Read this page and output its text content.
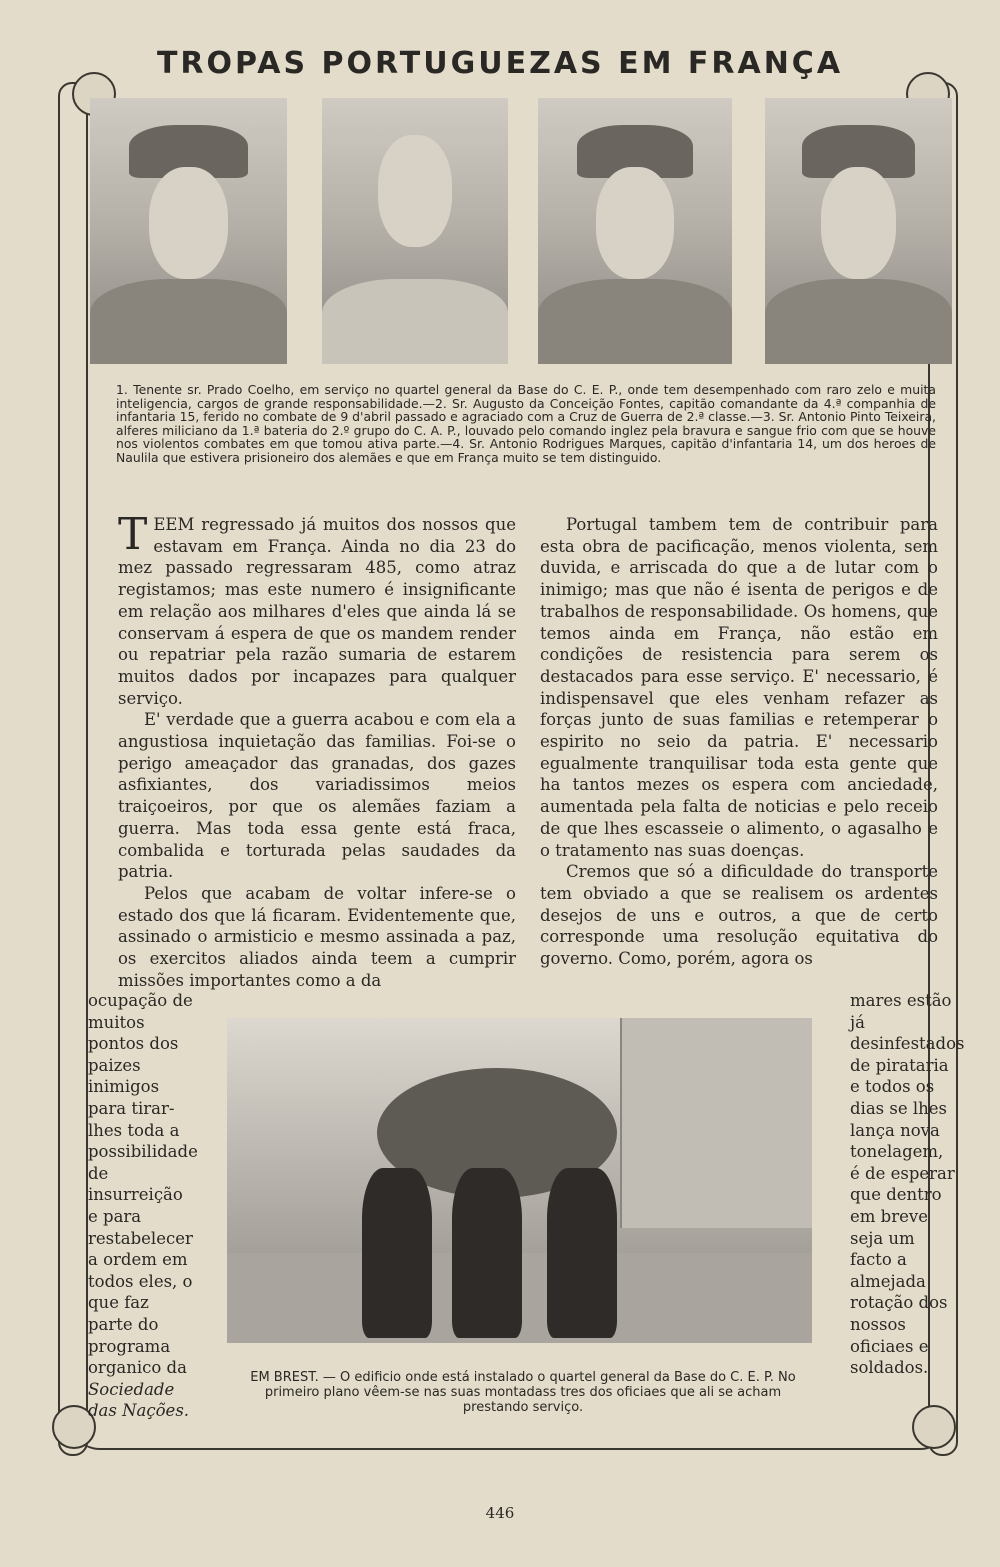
TROPAS PORTUGUEZAS EM FRANÇA

1. Tenente sr. Prado Coelho, em serviço no quartel general da Base do C. E. P., onde tem desempenhado com raro zelo e muita inteligencia, cargos de grande responsabilidade.—2. Sr. Augusto da Conceição Fontes, capitão comandante da 4.ª companhia de infantaria 15, ferido no combate de 9 d'abril passado e agraciado com a Cruz de Guerra de 2.ª classe.—3. Sr. Antonio Pinto Teixeira, alferes miliciano da 1.ª bateria do 2.º grupo do C. A. P., louvado pelo comando inglez pela bravura e sangue frio com que se houve nos violentos combates em que tomou ativa parte.—4. Sr. Antonio Rodrigues Marques, capitão d'infantaria 14, um dos heroes de Naulila que estivera prisioneiro dos alemães e que em França muito se tem distinguido.

TEEM regressado já muitos dos nossos que estavam em França. Ainda no dia 23 do mez passado regressaram 485, como atraz registamos; mas este numero é insignificante em relação aos milhares d'eles que ainda lá se conservam á espera de que os mandem render ou repatriar pela razão sumaria de estarem muitos dados por incapazes para qualquer serviço.

E' verdade que a guerra acabou e com ela a angustiosa inquietação das familias. Foi-se o perigo ameaçador das granadas, dos gazes asfixiantes, dos variadissimos meios traiçoeiros, por que os alemães faziam a guerra. Mas toda essa gente está fraca, combalida e torturada pelas saudades da patria.

Pelos que acabam de voltar infere-se o estado dos que lá ficaram. Evidentemente que, assinado o armisticio e mesmo assinada a paz, os exercitos aliados ainda teem a cumprir missões importantes como a da

Portugal tambem tem de contribuir para esta obra de pacificação, menos violenta, sem duvida, e arriscada do que a de lutar com o inimigo; mas que não é isenta de perigos e de trabalhos de responsabilidade. Os homens, que temos ainda em França, não estão em condições de resistencia para serem os destacados para esse serviço. E' necessario, é indispensavel que eles venham refazer as forças junto de suas familias e retemperar o espirito no seio da patria. E' necessario egualmente tranquilisar toda esta gente que ha tantos mezes os espera com anciedade, aumentada pela falta de noticias e pelo receio de que lhes escasseie o alimento, o agasalho e o tratamento nas suas doenças.

Cremos que só a dificuldade do transporte tem obviado a que se realisem os ardentes desejos de uns e outros, a que de certo corresponde uma resolução equitativa do governo. Como, porém, agora os

ocupação de muitos pontos dos paizes inimigos para tirar-lhes toda a possibilidade de insurreição e para restabelecer a ordem em todos eles, o que faz parte do programa organico da Sociedade das Nações.
mares estão já desinfestados de pirataria e todos os dias se lhes lança nova tonelagem, é de esperar que dentro em breve seja um facto a almejada rotação dos nossos oficiaes e soldados.

EM BREST. — O edificio onde está instalado o quartel general da Base do C. E. P. No primeiro plano vêem-se nas suas montadass tres dos oficiaes que ali se acham prestando serviço.

446
